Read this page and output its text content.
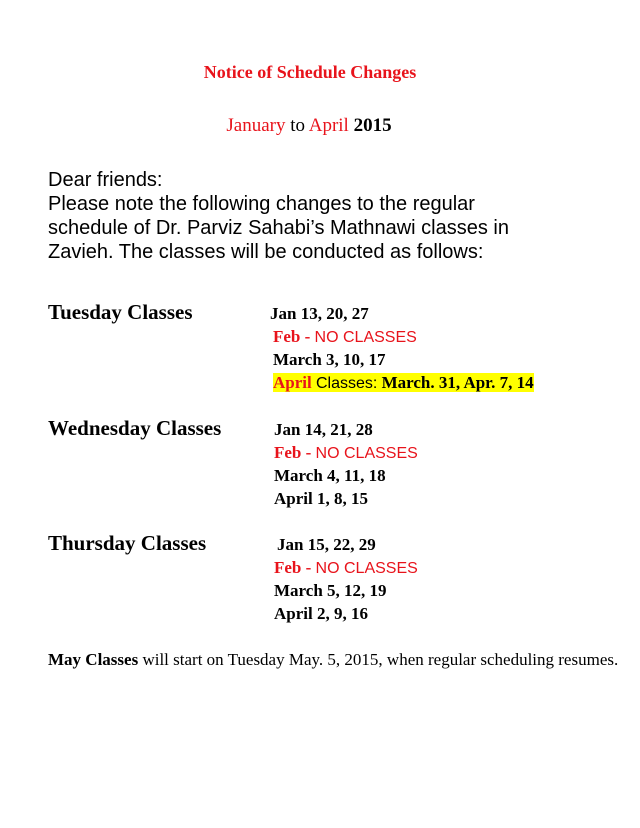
Notice of Schedule Changes
January to April 2015
Dear friends:
Please note the following changes to the regular
schedule of Dr. Parviz Sahabi’s Mathnawi classes in
Zavieh. The classes will be conducted as follows:
Tuesday Classes	Jan 13, 20, 27
Feb - NO CLASSES
March 3, 10, 17
April Classes: March. 31, Apr. 7, 14
Wednesday Classes	Jan 14, 21, 28
Feb - NO CLASSES
March 4, 11, 18
April 1, 8, 15
Thursday Classes	Jan 15, 22, 29
Feb - NO CLASSES
March 5, 12, 19
April 2, 9, 16
May Classes will start on Tuesday May. 5, 2015, when regular scheduling resumes.
